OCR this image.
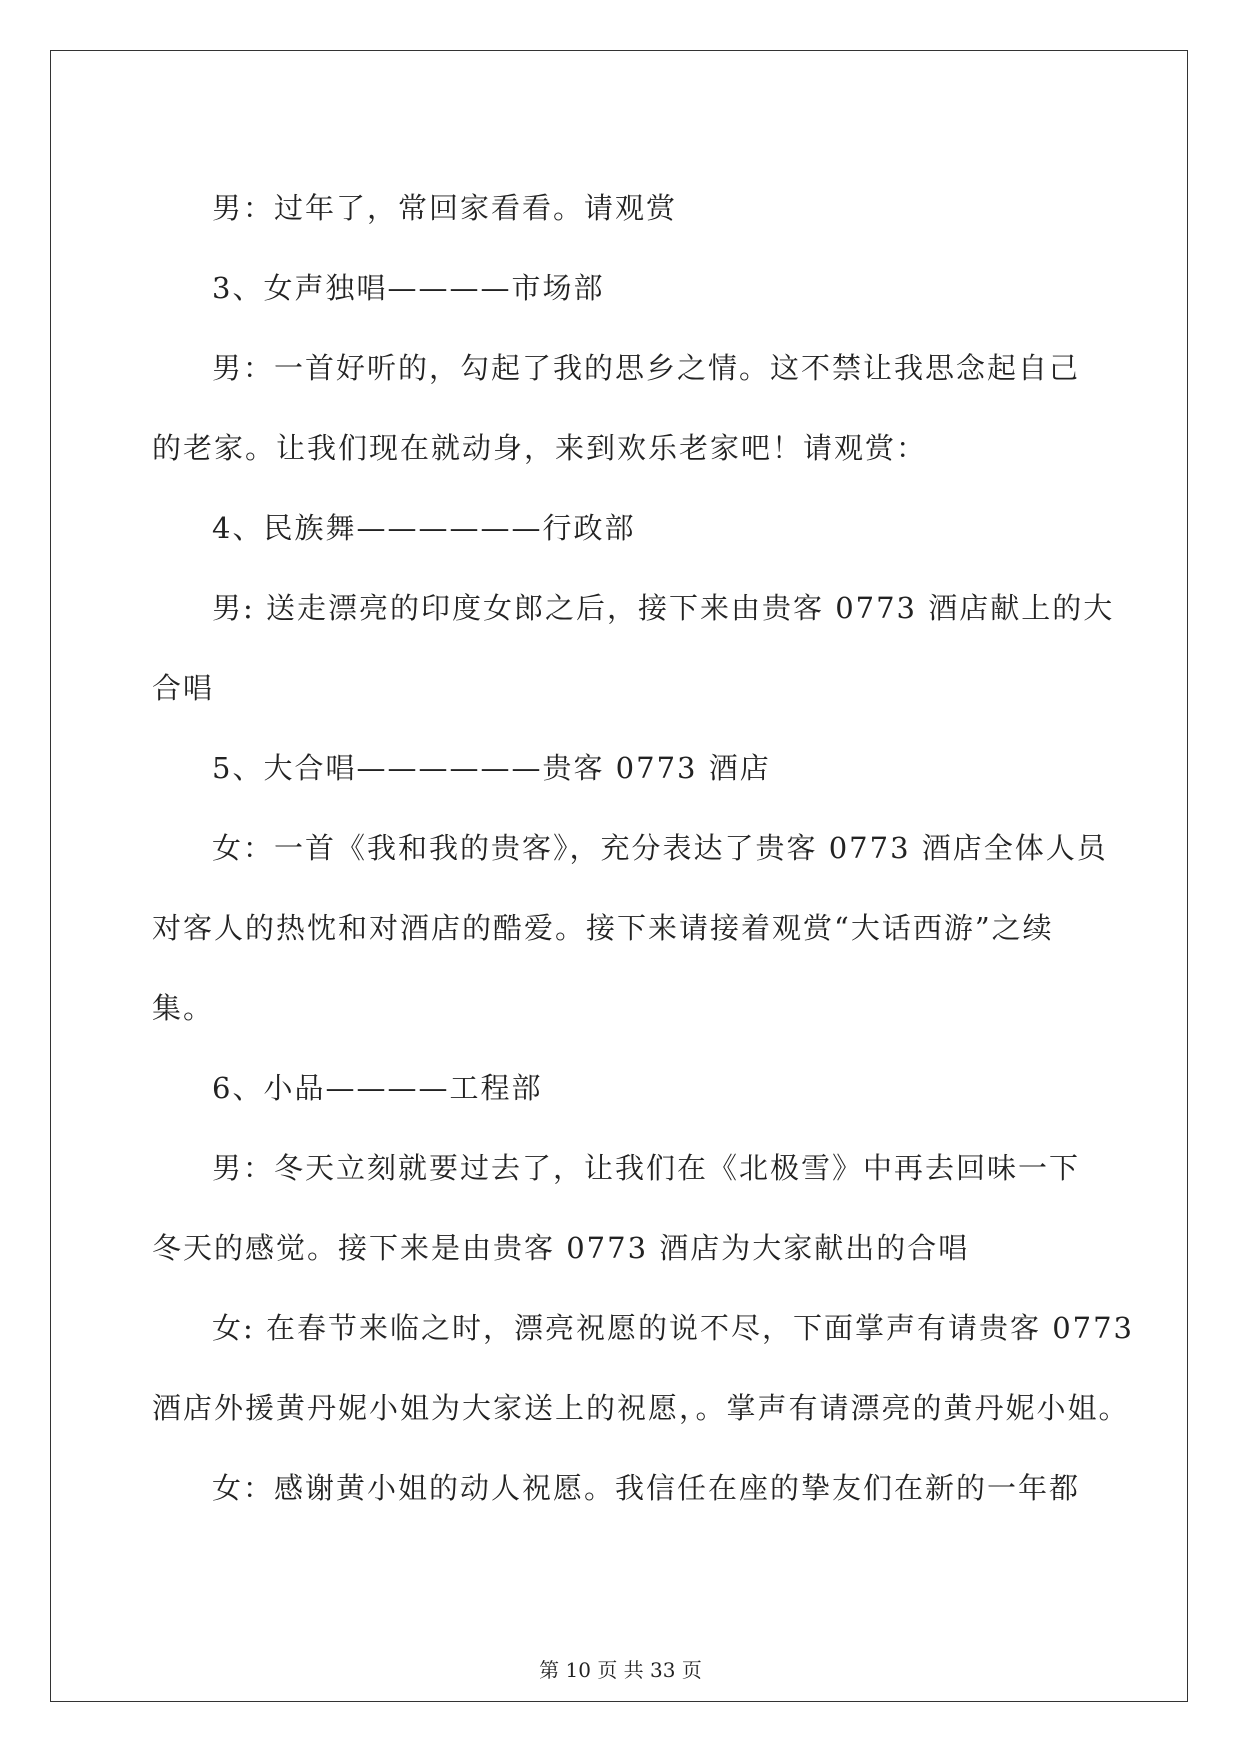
男：过年了，常回家看看。请观赏

3、女声独唱————市场部

男：一首好听的，勾起了我的思乡之情。这不禁让我思念起自己

的老家。让我们现在就动身，来到欢乐老家吧！请观赏：

4、民族舞——————行政部

男: 送走漂亮的印度女郎之后，接下来由贵客 0773 酒店献上的大

合唱

5、大合唱——————贵客 0773 酒店

女：一首《我和我的贵客》，充分表达了贵客 0773 酒店全体人员

对客人的热忱和对酒店的酷爱。接下来请接着观赏“大话西游”之续

集。

6、小品————工程部

男：冬天立刻就要过去了，让我们在《北极雪》中再去回味一下

冬天的感觉。接下来是由贵客 0773 酒店为大家献出的合唱

女: 在春节来临之时，漂亮祝愿的说不尽，下面掌声有请贵客 0773

酒店外援黄丹妮小姐为大家送上的祝愿，。掌声有请漂亮的黄丹妮小姐。

女：感谢黄小姐的动人祝愿。我信任在座的挚友们在新的一年都

第 10 页 共 33 页
